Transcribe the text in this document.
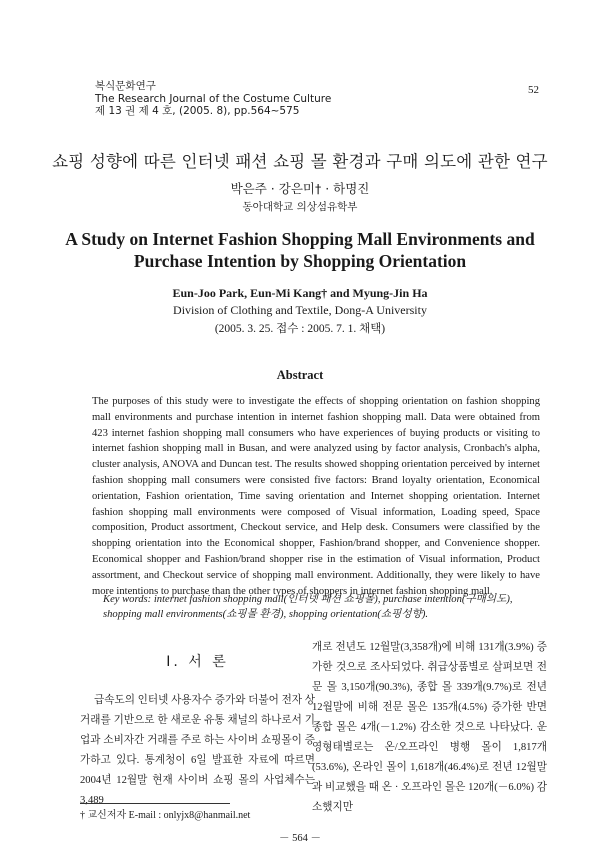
복식문화연구
The Research Journal of the Costume Culture
제 13 권 제 4 호, (2005. 8), pp.564~575
52
쇼핑 성향에 따른 인터넷 패션 쇼핑 몰 환경과 구매 의도에 관한 연구
박은주 · 강은미† · 하명진
동아대학교 의상섬유학부
A Study on Internet Fashion Shopping Mall Environments and Purchase Intention by Shopping Orientation
Eun-Joo Park, Eun-Mi Kang† and Myung-Jin Ha
Division of Clothing and Textile, Dong-A University
(2005. 3. 25. 접수 : 2005. 7. 1. 채택)
Abstract
The purposes of this study were to investigate the effects of shopping orientation on fashion shopping mall environments and purchase intention in internet fashion shopping mall. Data were obtained from 423 internet fashion shopping mall consumers who have experiences of buying products or visiting to internet fashion shopping mall in Busan, and were analyzed using by factor analysis, Cronbach's alpha, cluster analysis, ANOVA and Duncan test. The results showed shopping orientation perceived by internet fashion shopping mall consumers were consisted five factors: Brand loyalty orientation, Economical orientation, Fashion orientation, Time saving orientation and Internet shopping orientation. Internet fashion shopping mall environments were composed of Visual information, Loading speed, Space composition, Product assortment, Checkout service, and Help desk. Consumers were classified by the shopping orientation into the Economical shopper, Fashion/brand shopper, and Convenience shopper. Economical shopper and Fashion/brand shopper rise in the estimation of Visual information, Product assortment, and Checkout service of shopping mall environment. Additionally, they were likely to have more intentions to purchase than the other types of shoppers in internet fashion shopping mall.
Key words: internet fashion shopping mall(인터넷 패션 쇼핑몰), purchase intention(구매의도), shopping mall environments(쇼핑몰 환경), shopping orientation(쇼핑성향).
Ⅰ. 서 론
급속도의 인터넷 사용자수 증가와 더불어 전자 상거래를 기반으로 한 새로운 유통 채널의 하나로서 기업과 소비자간 거래를 주로 하는 사이버 쇼핑몰이 증가하고 있다. 통계청이 6일 발표한 자료에 따르면 2004년 12월말 현재 사이버 쇼핑 몰의 사업체수는 3,489
개로 전년도 12월말(3,358개)에 비해 131개(3.9%) 증가한 것으로 조사되었다. 취급상품별로 살펴보면 전문 몰 3,150개(90.3%), 종합 몰 339개(9.7%)로 전년 12월말에 비해 전문 몰은 135개(4.5%) 증가한 반면 종합 몰은 4개(－1.2%) 감소한 것으로 나타났다. 운영형태별로는 온/오프라인 병행 몰이 1,817개(53.6%), 온라인 몰이 1,618개(46.4%)로 전년 12월말과 비교했을 때 온 · 오프라인 몰은 120개(－6.0%) 감소했지만
† 교신저자 E-mail : onlyjx8@hanmail.net
－ 564 －
